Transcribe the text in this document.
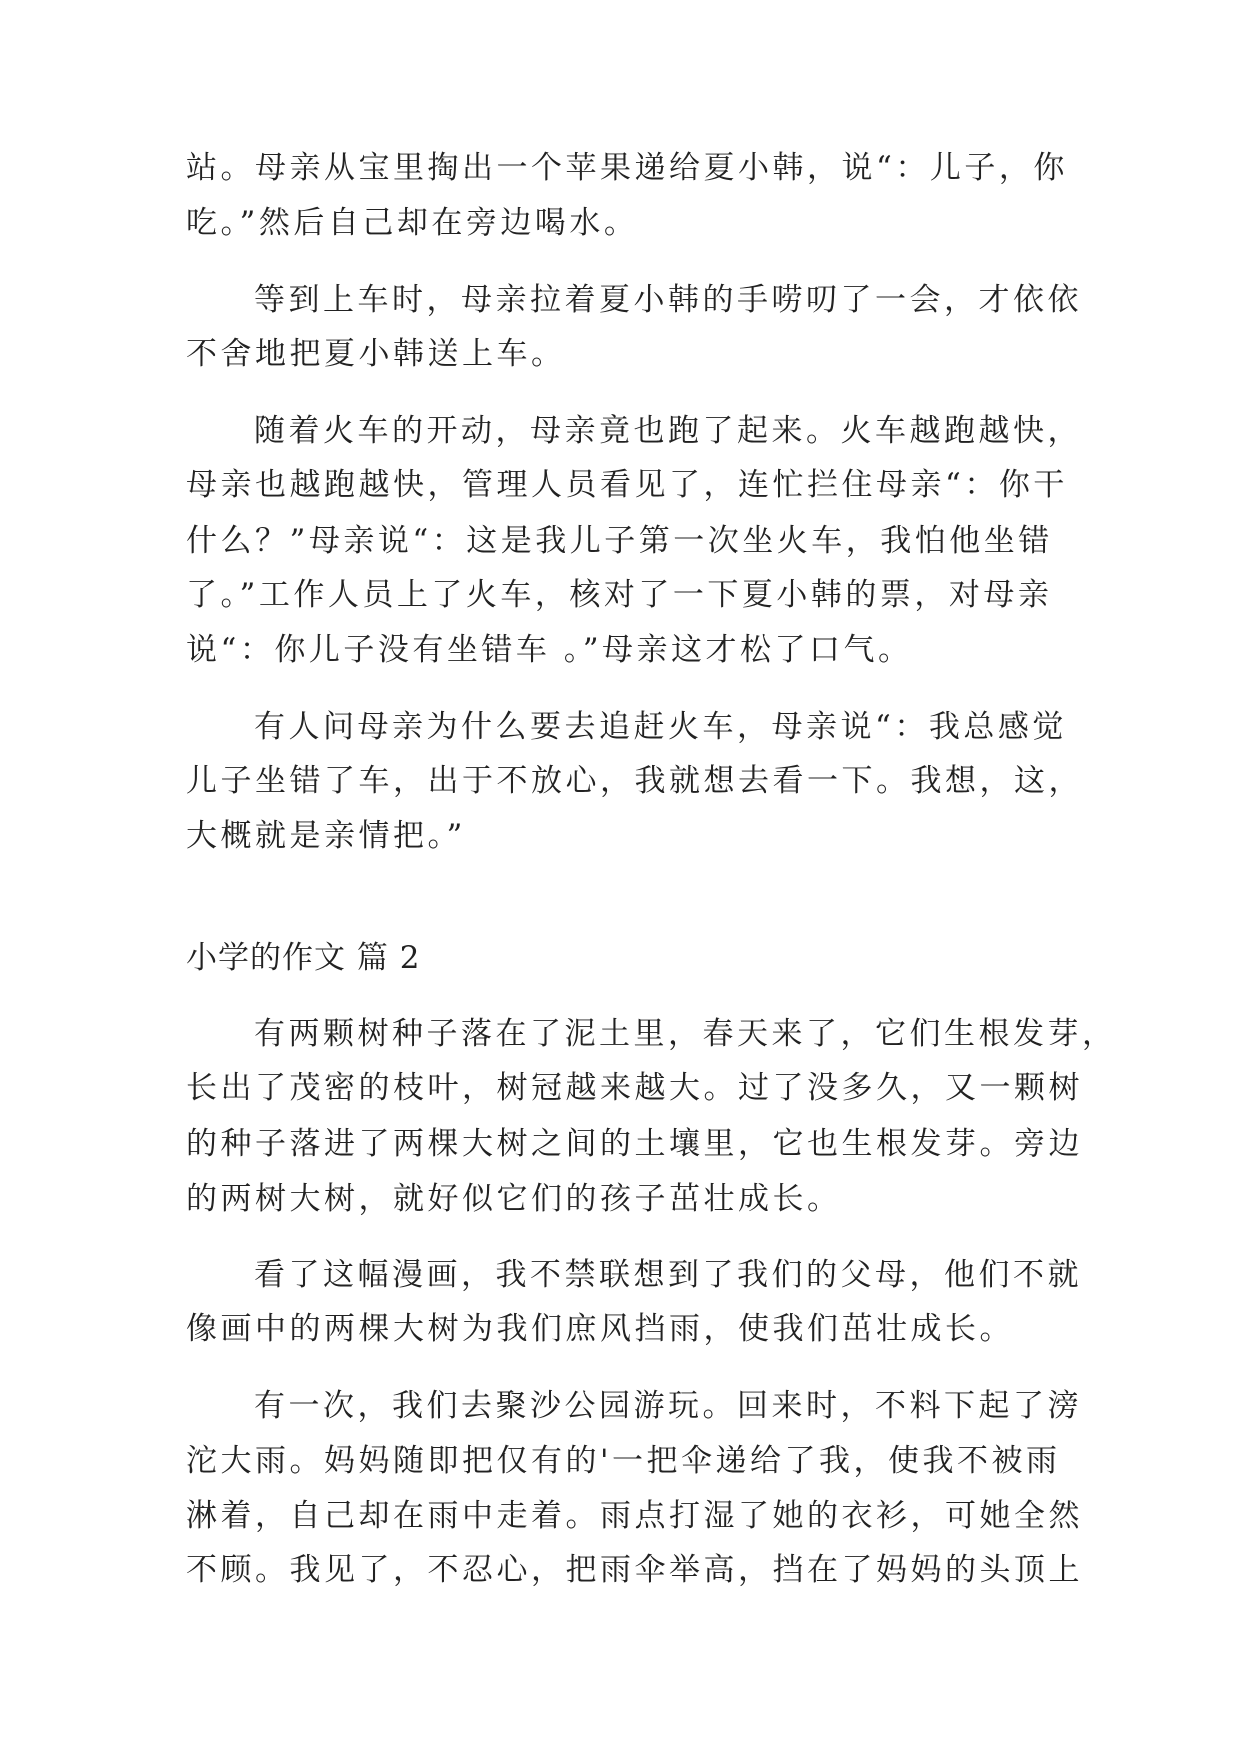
站。母亲从宝里掏出一个苹果递给夏小韩，说“：儿子，你
吃。”然后自己却在旁边喝水。
等到上车时，母亲拉着夏小韩的手唠叨了一会，才依依
不舍地把夏小韩送上车。
随着火车的开动，母亲竟也跑了起来。火车越跑越快，
母亲也越跑越快，管理人员看见了，连忙拦住母亲“：你干
什么？”母亲说“：这是我儿子第一次坐火车，我怕他坐错
了。”工作人员上了火车，核对了一下夏小韩的票，对母亲
说“：你儿子没有坐错车 。”母亲这才松了口气。
有人问母亲为什么要去追赶火车，母亲说“：我总感觉
儿子坐错了车，出于不放心，我就想去看一下。我想，这，
大概就是亲情把。”
小学的作文 篇 2
有两颗树种子落在了泥土里，春天来了，它们生根发芽，
长出了茂密的枝叶，树冠越来越大。过了没多久，又一颗树
的种子落进了两棵大树之间的土壤里，它也生根发芽。旁边
的两树大树，就好似它们的孩子茁壮成长。
看了这幅漫画，我不禁联想到了我们的父母，他们不就
像画中的两棵大树为我们庶风挡雨，使我们茁壮成长。
有一次，我们去聚沙公园游玩。回来时，不料下起了滂
沱大雨。妈妈随即把仅有的'一把伞递给了我，使我不被雨
淋着，自己却在雨中走着。雨点打湿了她的衣衫，可她全然
不顾。我见了，不忍心，把雨伞举高，挡在了妈妈的头顶上
